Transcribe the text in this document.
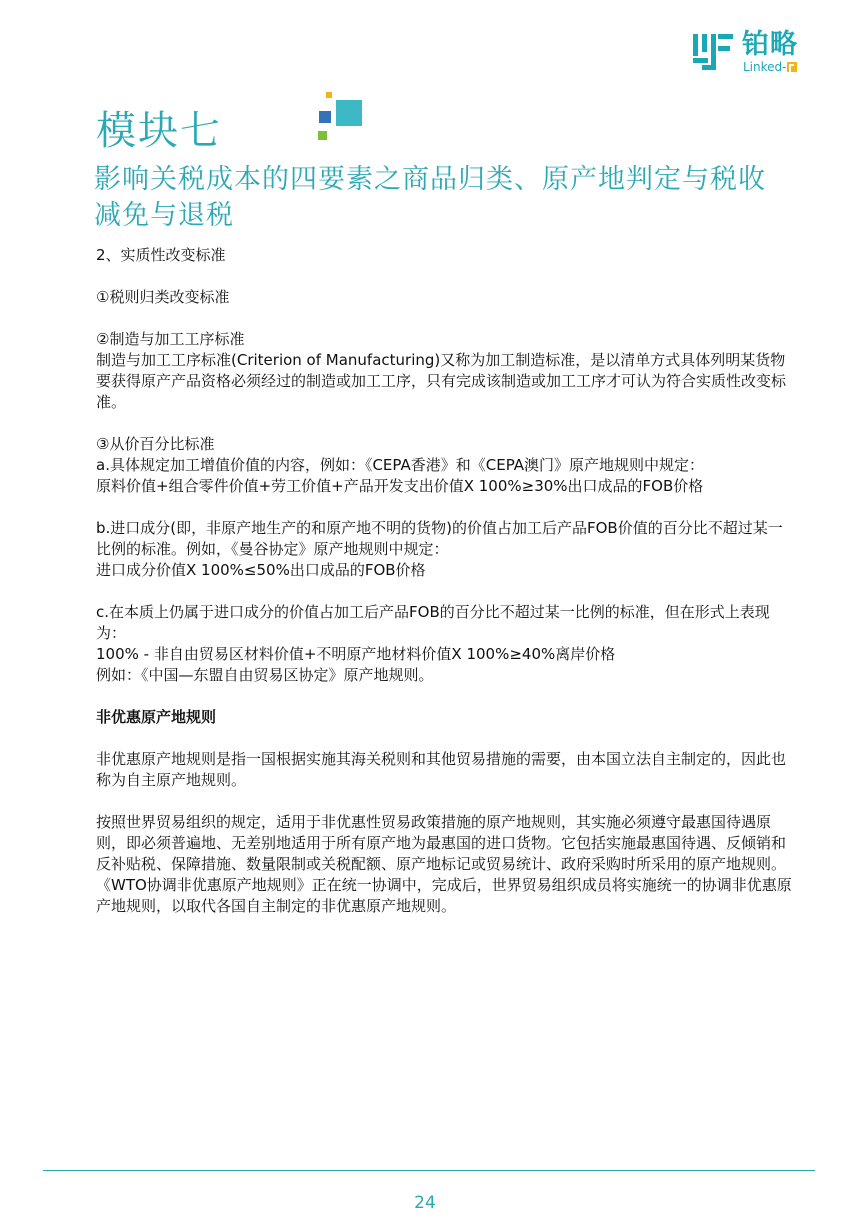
铂略
Linked-
模块七
影响关税成本的四要素之商品归类、原产地判定与税收减免与退税

2、实质性改变标准

①税则归类改变标准

②制造与加工工序标准

制造与加工工序标准(Criterion of Manufacturing)又称为加工制造标准，是以清单方式具体列明某货物要获得原产产品资格必须经过的制造或加工工序，只有完成该制造或加工工序才可认为符合实质性改变标准。

③从价百分比标准

a.具体规定加工增值价值的内容，例如：《CEPA香港》和《CEPA澳门》原产地规则中规定：

原料价值+组合零件价值+劳工价值+产品开发支出价值X 100%≥30%出口成品的FOB价格

b.进口成分(即，非原产地生产的和原产地不明的货物)的价值占加工后产品FOB价值的百分比不超过某一比例的标准。例如，《曼谷协定》原产地规则中规定：

进口成分价值X 100%≤50%出口成品的FOB价格

c.在本质上仍属于进口成分的价值占加工后产品FOB的百分比不超过某一比例的标准，但在形式上表现为：

100% - 非自由贸易区材料价值+不明原产地材料价值X 100%≥40%离岸价格

例如：《中国—东盟自由贸易区协定》原产地规则。

非优惠原产地规则

非优惠原产地规则是指一国根据实施其海关税则和其他贸易措施的需要，由本国立法自主制定的，因此也称为自主原产地规则。

按照世界贸易组织的规定，适用于非优惠性贸易政策措施的原产地规则，其实施必须遵守最惠国待遇原则，即必须普遍地、无差别地适用于所有原产地为最惠国的进口货物。它包括实施最惠国待遇、反倾销和反补贴税、保障措施、数量限制或关税配额、原产地标记或贸易统计、政府采购时所采用的原产地规则。《WTO协调非优惠原产地规则》正在统一协调中，完成后，世界贸易组织成员将实施统一的协调非优惠原产地规则，以取代各国自主制定的非优惠原产地规则。

24
